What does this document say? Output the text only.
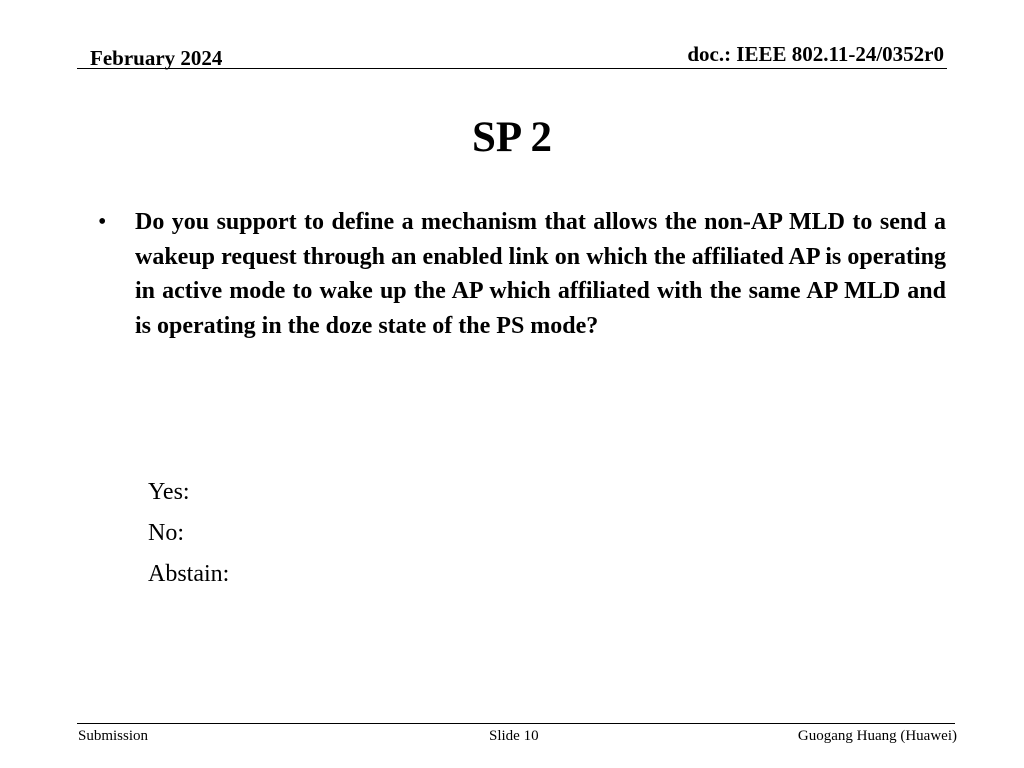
February 2024	doc.: IEEE 802.11-24/0352r0
SP 2
• Do you support to define a mechanism that allows the non-AP MLD to send a wakeup request through an enabled link on which the affiliated AP is operating in active mode to wake up the AP which affiliated with the same AP MLD and is operating in the doze state of the PS mode?
Yes:
No:
Abstain:
Submission	Slide 10	Guogang Huang (Huawei)
